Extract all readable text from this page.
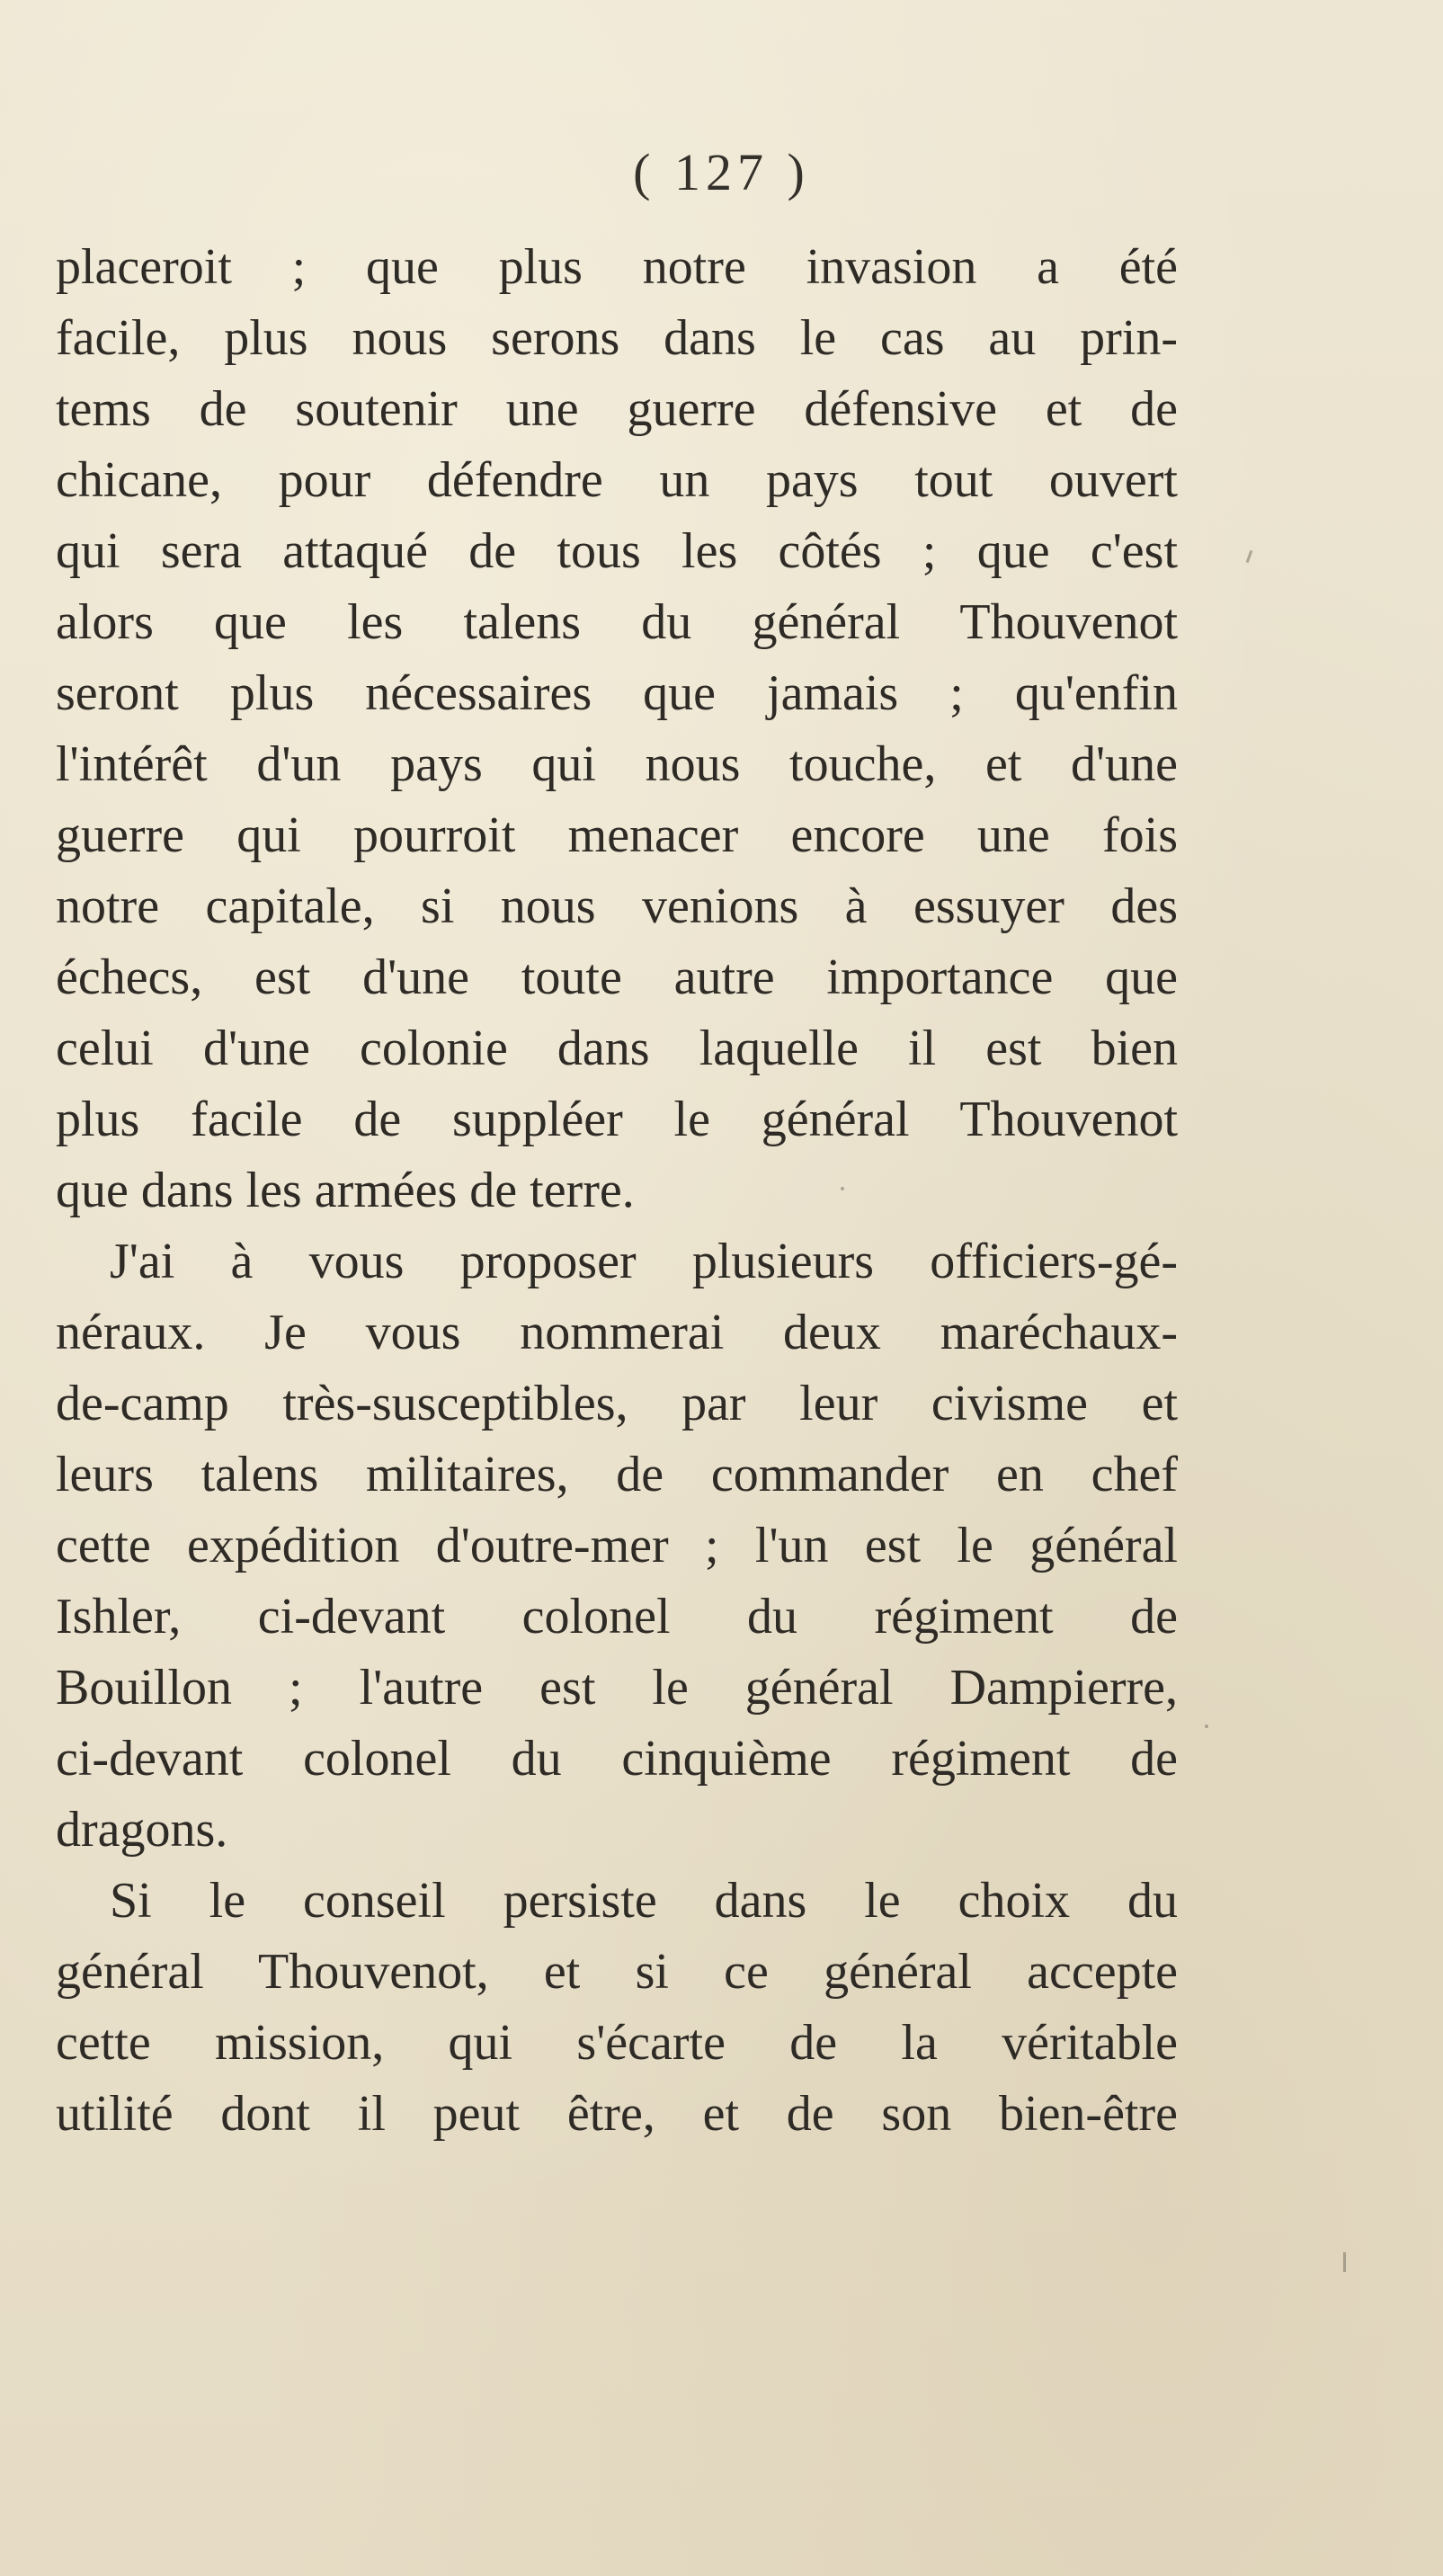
( 127 )
placeroit ; que plus notre invasion a été
facile, plus nous serons dans le cas au prin-
tems de soutenir une guerre défensive et de
chicane, pour défendre un pays tout ouvert
qui sera attaqué de tous les côtés ; que c'est
alors que les talens du général Thouvenot
seront plus nécessaires que jamais ; qu'enfin
l'intérêt d'un pays qui nous touche, et d'une
guerre qui pourroit menacer encore une fois
notre capitale, si nous venions à essuyer des
échecs, est d'une toute autre importance que
celui d'une colonie dans laquelle il est bien
plus facile de suppléer le général Thouvenot
que dans les armées de terre.
J'ai à vous proposer plusieurs officiers-gé-
néraux. Je vous nommerai deux maréchaux-
de-camp très-susceptibles, par leur civisme et
leurs talens militaires, de commander en chef
cette expédition d'outre-mer ; l'un est le général
Ishler, ci-devant colonel du régiment de
Bouillon ; l'autre est le général Dampierre,
ci-devant colonel du cinquième régiment de
dragons.
Si le conseil persiste dans le choix du
général Thouvenot, et si ce général accepte
cette mission, qui s'écarte de la véritable
utilité dont il peut être, et de son bien-être
